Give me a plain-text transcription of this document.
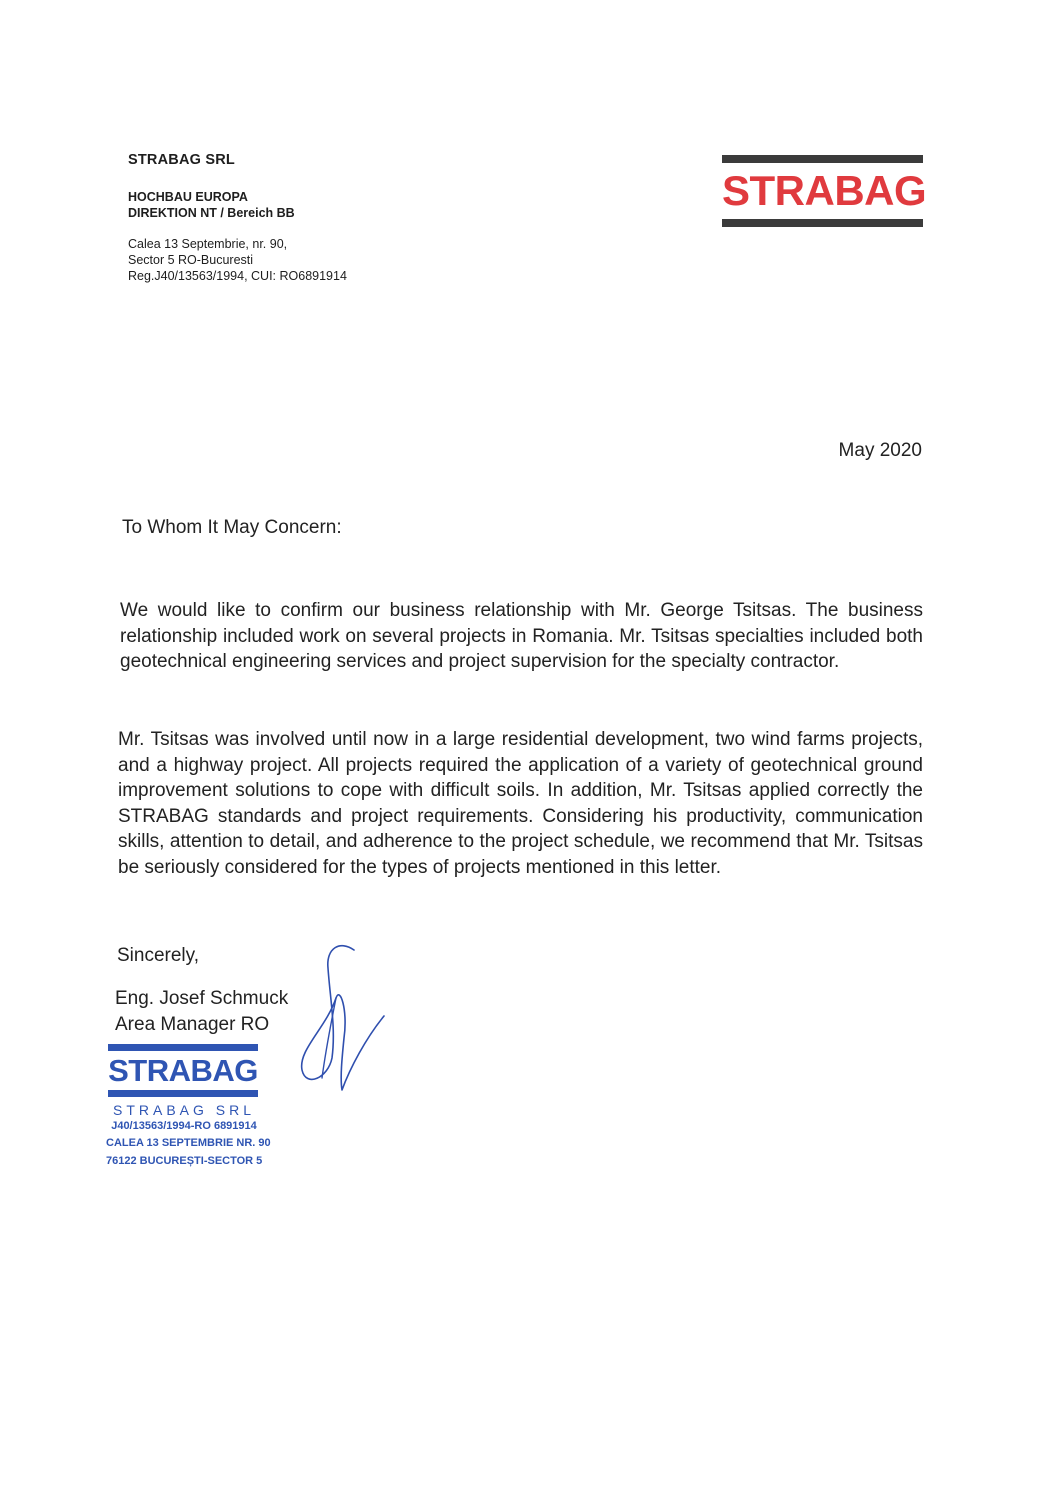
STRABAG SRL
HOCHBAU EUROPA
DIREKTION NT / Bereich BB
Calea 13 Septembrie, nr. 90,
Sector 5 RO-Bucuresti
Reg.J40/13563/1994, CUI: RO6891914
STRABAG
May 2020
To Whom It May Concern:
We would like to confirm our business relationship with Mr. George Tsitsas. The business relationship included work on several projects in Romania. Mr. Tsitsas specialties included both geotechnical engineering services and project supervision for the specialty contractor.
Mr. Tsitsas was involved until now in a large residential development, two wind farms projects, and a highway project. All projects required the application of a variety of geotechnical ground improvement solutions to cope with difficult soils. In addition, Mr. Tsitsas applied correctly the STRABAG standards and project requirements. Considering his productivity, communication skills, attention to detail, and adherence to the project schedule, we recommend that Mr. Tsitsas be seriously considered for the types of projects mentioned in this letter.
Sincerely,
Eng. Josef Schmuck
Area Manager RO
STRABAG
STRABAG SRL
J40/13563/1994-RO 6891914
CALEA 13 SEPTEMBRIE NR. 90
76122 BUCUREȘTI-SECTOR 5
